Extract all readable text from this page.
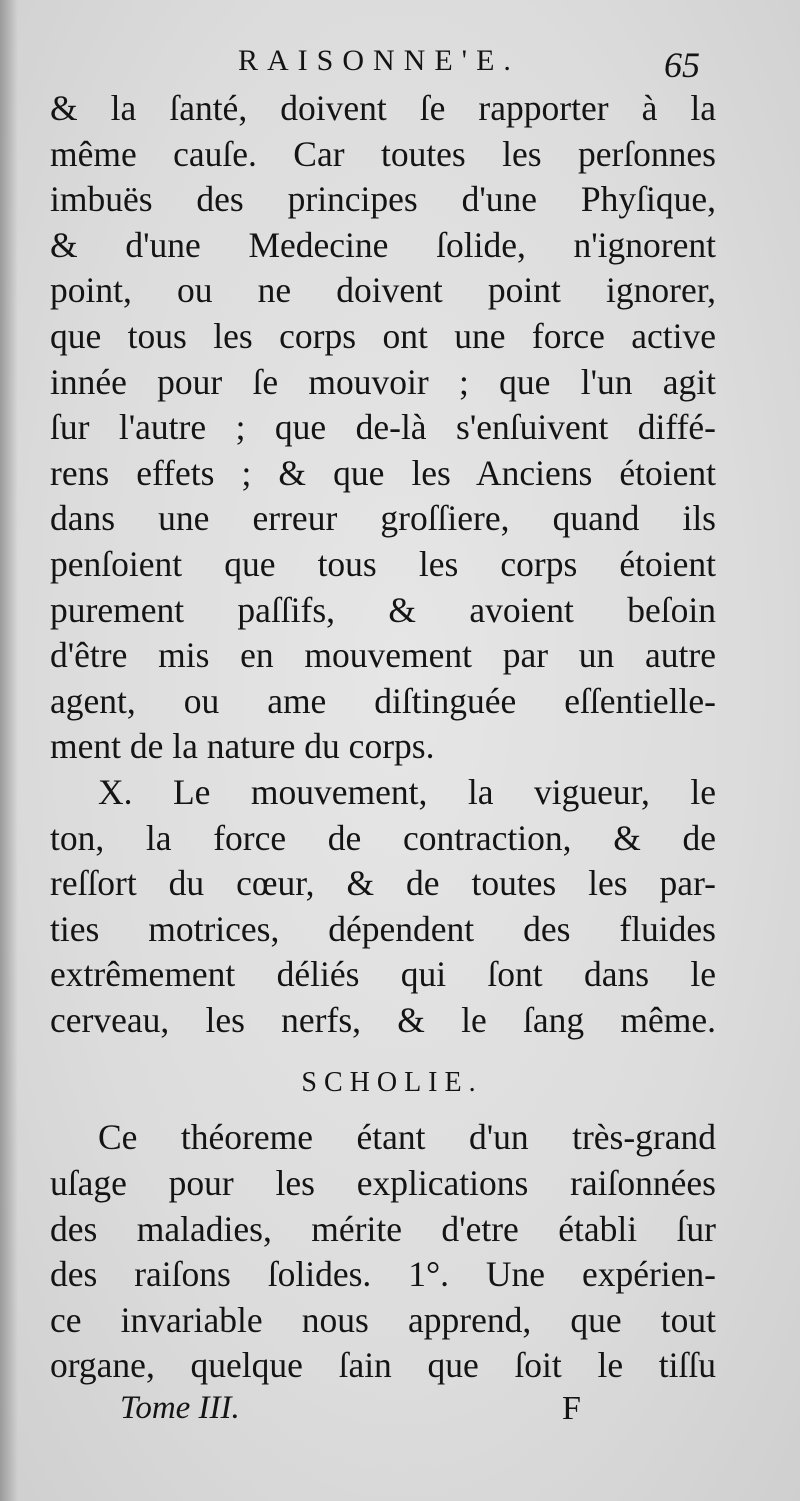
RAISONNE'E.	65
& la ſanté, doivent ſe rapporter à la
même cauſe. Car toutes les perſonnes
imbuës des principes d'une Phyſique,
& d'une Medecine ſolide, n'ignorent
point, ou ne doivent point ignorer,
que tous les corps ont une force active
innée pour ſe mouvoir ; que l'un agit
ſur l'autre ; que de-là s'enſuivent diffé-
rens effets ; & que les Anciens étoient
dans une erreur groſſiere, quand ils
penſoient que tous les corps étoient
purement paſſifs, & avoient beſoin
d'être mis en mouvement par un autre
agent, ou ame diſtinguée eſſentielle-
ment de la nature du corps.
X. Le mouvement, la vigueur, le
ton, la force de contraction, & de
reſſort du cœur, & de toutes les par-
ties motrices, dépendent des fluides
extrêmement déliés qui ſont dans le
cerveau, les nerfs, & le ſang même.
SCHOLIE.
Ce théoreme étant d'un très-grand
uſage pour les explications raiſonnées
des maladies, mérite d'etre établi ſur
des raiſons ſolides. 1°. Une expérien-
ce invariable nous apprend, que tout
organe, quelque ſain que ſoit le tiſſu
Tome III.	F
